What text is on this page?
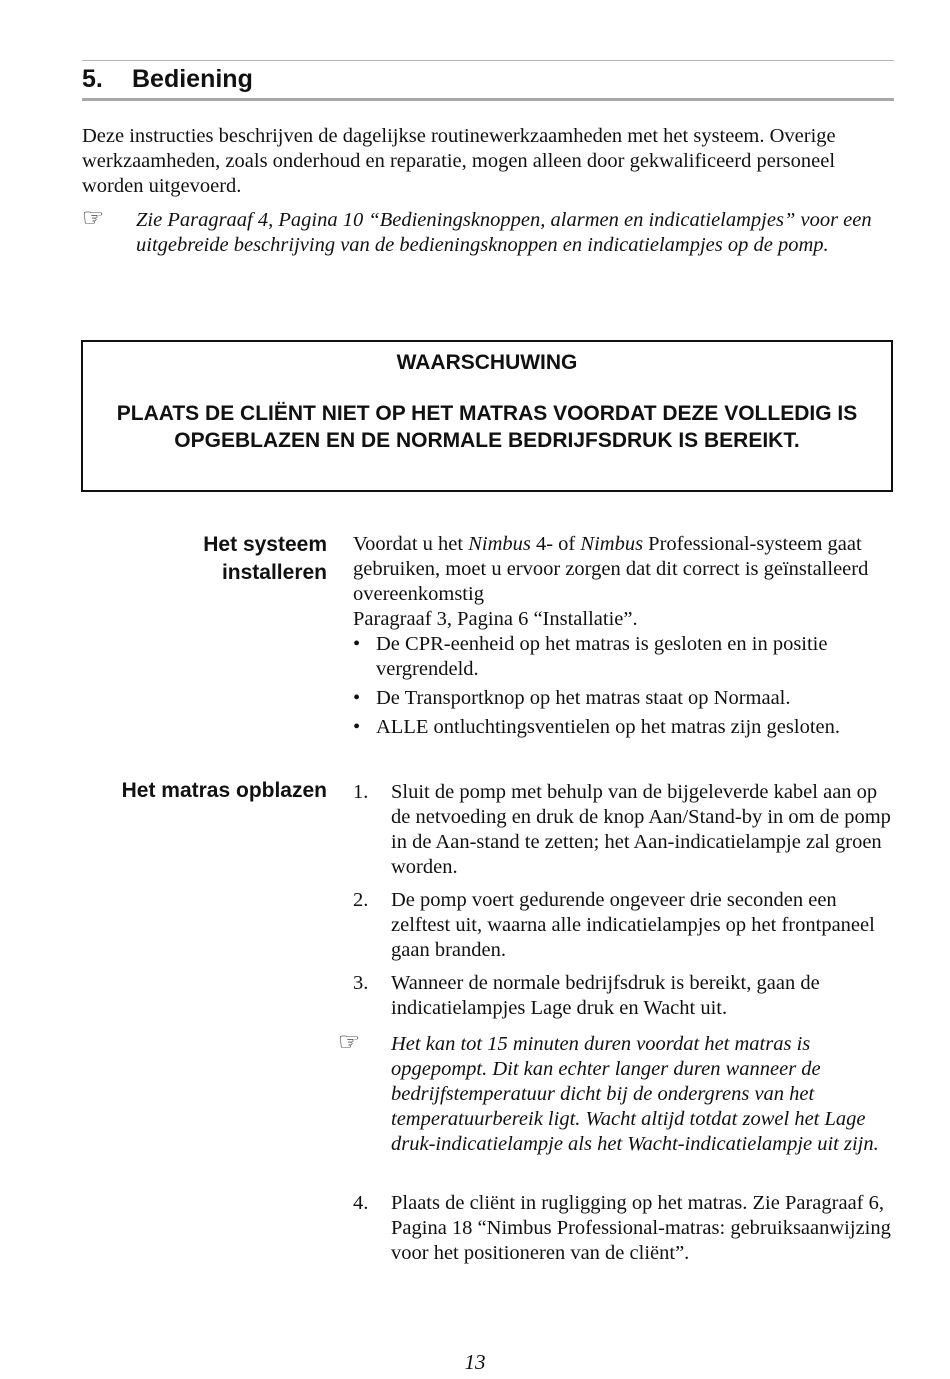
5. Bediening
Deze instructies beschrijven de dagelijkse routinewerkzaamheden met het systeem. Overige werkzaamheden, zoals onderhoud en reparatie, mogen alleen door gekwalificeerd personeel worden uitgevoerd.
☞ Zie Paragraaf 4, Pagina 10 “Bedieningsknoppen, alarmen en indicatielampjes” voor een uitgebreide beschrijving van de bedieningsknoppen en indicatielampjes op de pomp.
WAARSCHUWING
PLAATS DE CLIËNT NIET OP HET MATRAS VOORDAT DEZE VOLLEDIG IS OPGEBLAZEN EN DE NORMALE BEDRIJFSDRUK IS BEREIKT.
Het systeem
installeren
Voordat u het Nimbus 4- of Nimbus Professional-systeem gaat gebruiken, moet u ervoor zorgen dat dit correct is geïnstalleerd overeenkomstig
Paragraaf 3, Pagina 6 “Installatie”.
• De CPR-eenheid op het matras is gesloten en in positie vergrendeld.
• De Transportknop op het matras staat op Normaal.
• ALLE ontluchtingsventielen op het matras zijn gesloten.
Het matras opblazen 1. Sluit de pomp met behulp van de bijgeleverde kabel aan op de netvoeding en druk de knop Aan/Stand-by in om de pomp in de Aan-stand te zetten; het Aan-indicatielampje zal groen worden.
2. De pomp voert gedurende ongeveer drie seconden een zelftest uit, waarna alle indicatielampjes op het frontpaneel gaan branden.
3. Wanneer de normale bedrijfsdruk is bereikt, gaan de indicatielampjes Lage druk en Wacht uit.
☞ Het kan tot 15 minuten duren voordat het matras is opgepompt. Dit kan echter langer duren wanneer de bedrijfstemperatuur dicht bij de ondergrens van het temperatuurbereik ligt. Wacht altijd totdat zowel het Lage druk-indicatielampje als het Wacht-indicatielampje uit zijn.
4. Plaats de cliënt in rugligging op het matras. Zie Paragraaf 6, Pagina 18 “Nimbus Professional-matras: gebruiksaanwijzing voor het positioneren van de cliënt”.
13
